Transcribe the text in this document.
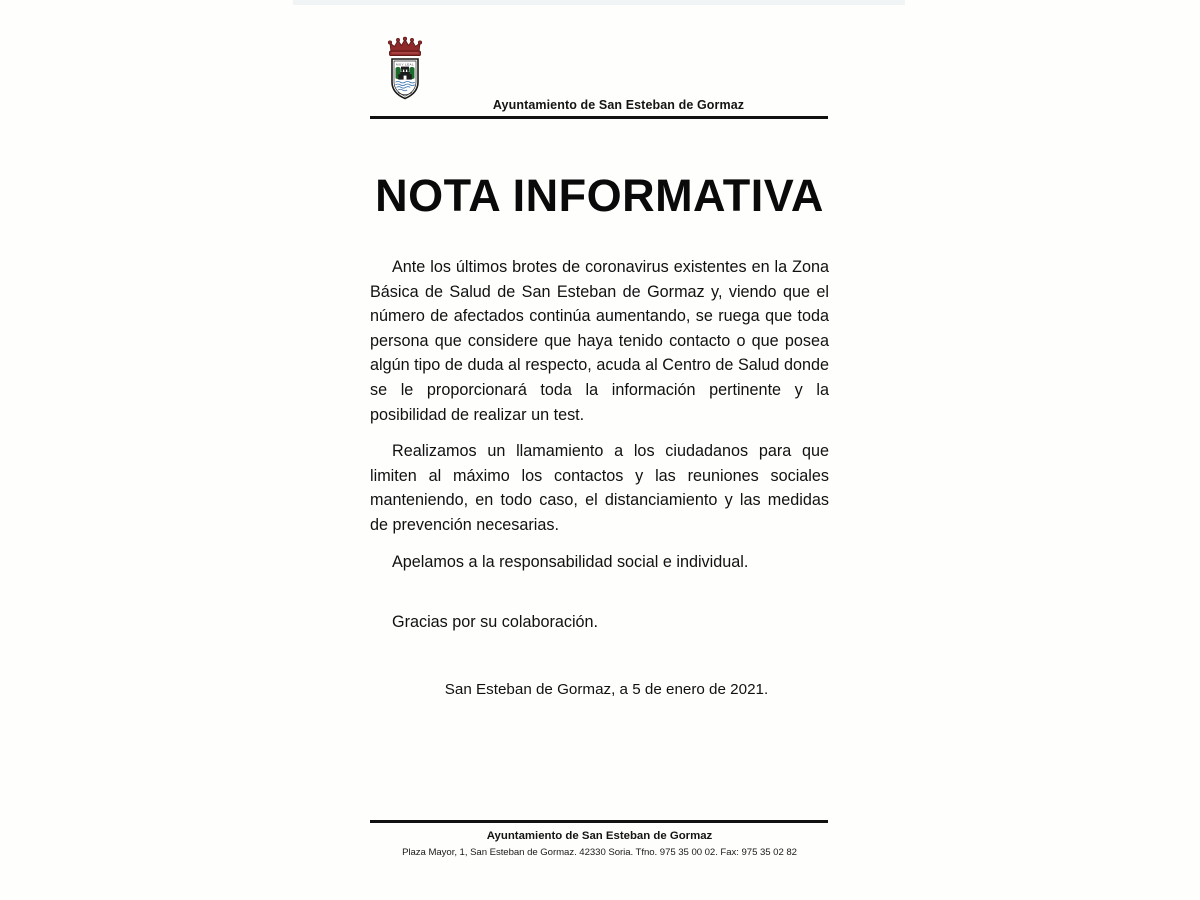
MUY LEAL
Ayuntamiento de San Esteban de Gormaz
NOTA INFORMATIVA

Ante los últimos brotes de coronavirus existentes en la Zona Básica de Salud de San Esteban de Gormaz y, viendo que el número de afectados continúa aumentando, se ruega que toda persona que considere que haya tenido contacto o que posea algún tipo de duda al respecto, acuda al Centro de Salud donde se le proporcionará toda la información pertinente y la posibilidad de realizar un test.

Realizamos un llamamiento a los ciudadanos para que limiten al máximo los contactos y las reuniones sociales manteniendo, en todo caso, el distanciamiento y las medidas de prevención necesarias.

Apelamos a la responsabilidad social e individual.

Gracias por su colaboración.

San Esteban de Gormaz, a 5 de enero de 2021.

Ayuntamiento de San Esteban de Gormaz
Plaza Mayor, 1, San Esteban de Gormaz. 42330 Soria. Tfno. 975 35 00 02. Fax: 975 35 02 82
